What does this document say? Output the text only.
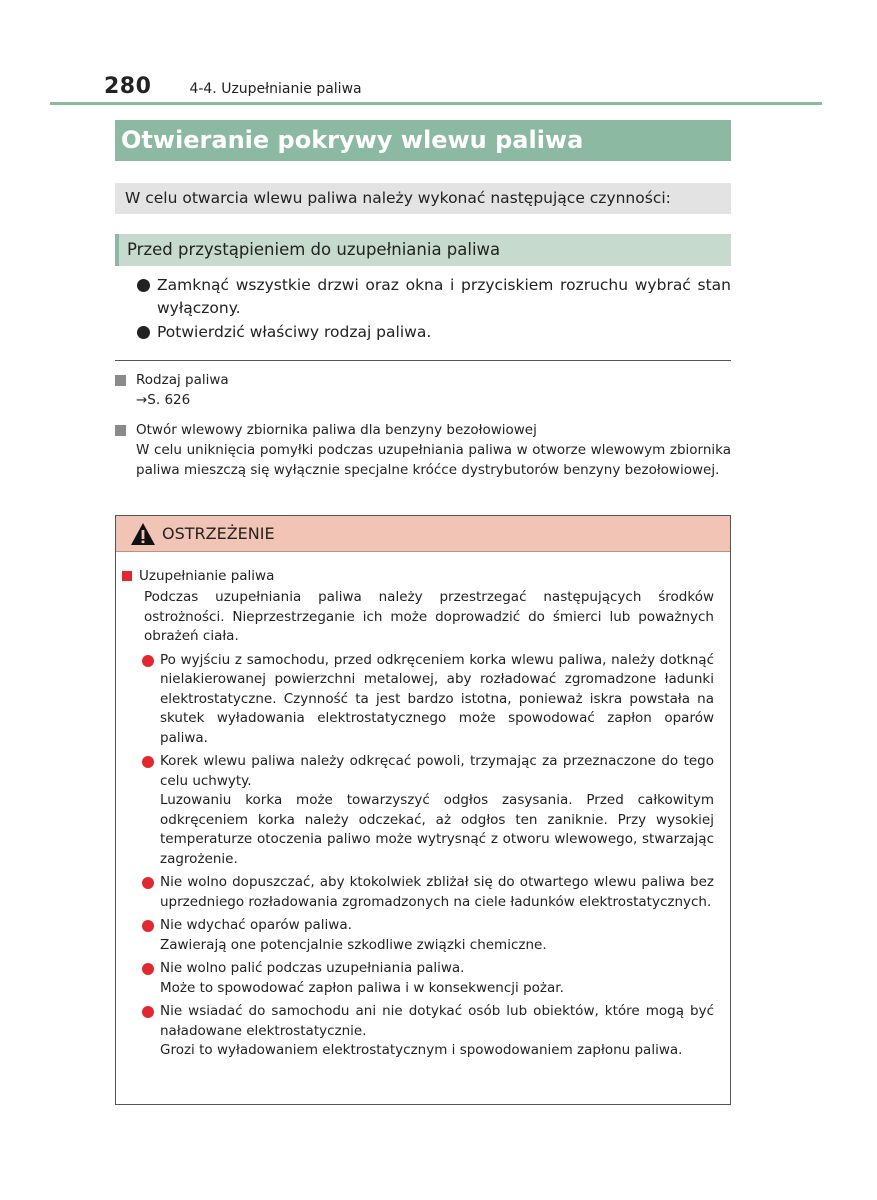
280	4-4. Uzupełnianie paliwa
Otwieranie pokrywy wlewu paliwa
W celu otwarcia wlewu paliwa należy wykonać następujące czynności:
Przed przystąpieniem do uzupełniania paliwa
Zamknąć wszystkie drzwi oraz okna i przyciskiem rozruchu wybrać stan wyłączony.
Potwierdzić właściwy rodzaj paliwa.
Rodzaj paliwa
→S. 626
Otwór wlewowy zbiornika paliwa dla benzyny bezołowiowej
W celu uniknięcia pomyłki podczas uzupełniania paliwa w otworze wlewowym zbiornika paliwa mieszczą się wyłącznie specjalne króćce dystrybutorów benzyny bezołowiowej.
OSTRZEŻENIE
Uzupełnianie paliwa
Podczas uzupełniania paliwa należy przestrzegać następujących środków ostrożności. Nieprzestrzeganie ich może doprowadzić do śmierci lub poważnych obrażeń ciała.
Po wyjściu z samochodu, przed odkręceniem korka wlewu paliwa, należy dotknąć nielakierowanej powierzchni metalowej, aby rozładować zgromadzone ładunki elektrostatyczne. Czynność ta jest bardzo istotna, ponieważ iskra powstała na skutek wyładowania elektrostatycznego może spowodować zapłon oparów paliwa.
Korek wlewu paliwa należy odkręcać powoli, trzymając za przeznaczone do tego celu uchwyty.
Luzowaniu korka może towarzyszyć odgłos zasysania. Przed całkowitym odkręceniem korka należy odczekać, aż odgłos ten zaniknie. Przy wysokiej temperaturze otoczenia paliwo może wytrysnąć z otworu wlewowego, stwarzając zagrożenie.
Nie wolno dopuszczać, aby ktokolwiek zbliżał się do otwartego wlewu paliwa bez uprzedniego rozładowania zgromadzonych na ciele ładunków elektrostatycznych.
Nie wdychać oparów paliwa.
Zawierają one potencjalnie szkodliwe związki chemiczne.
Nie wolno palić podczas uzupełniania paliwa.
Może to spowodować zapłon paliwa i w konsekwencji pożar.
Nie wsiadać do samochodu ani nie dotykać osób lub obiektów, które mogą być naładowane elektrostatycznie.
Grozi to wyładowaniem elektrostatycznym i spowodowaniem zapłonu paliwa.
